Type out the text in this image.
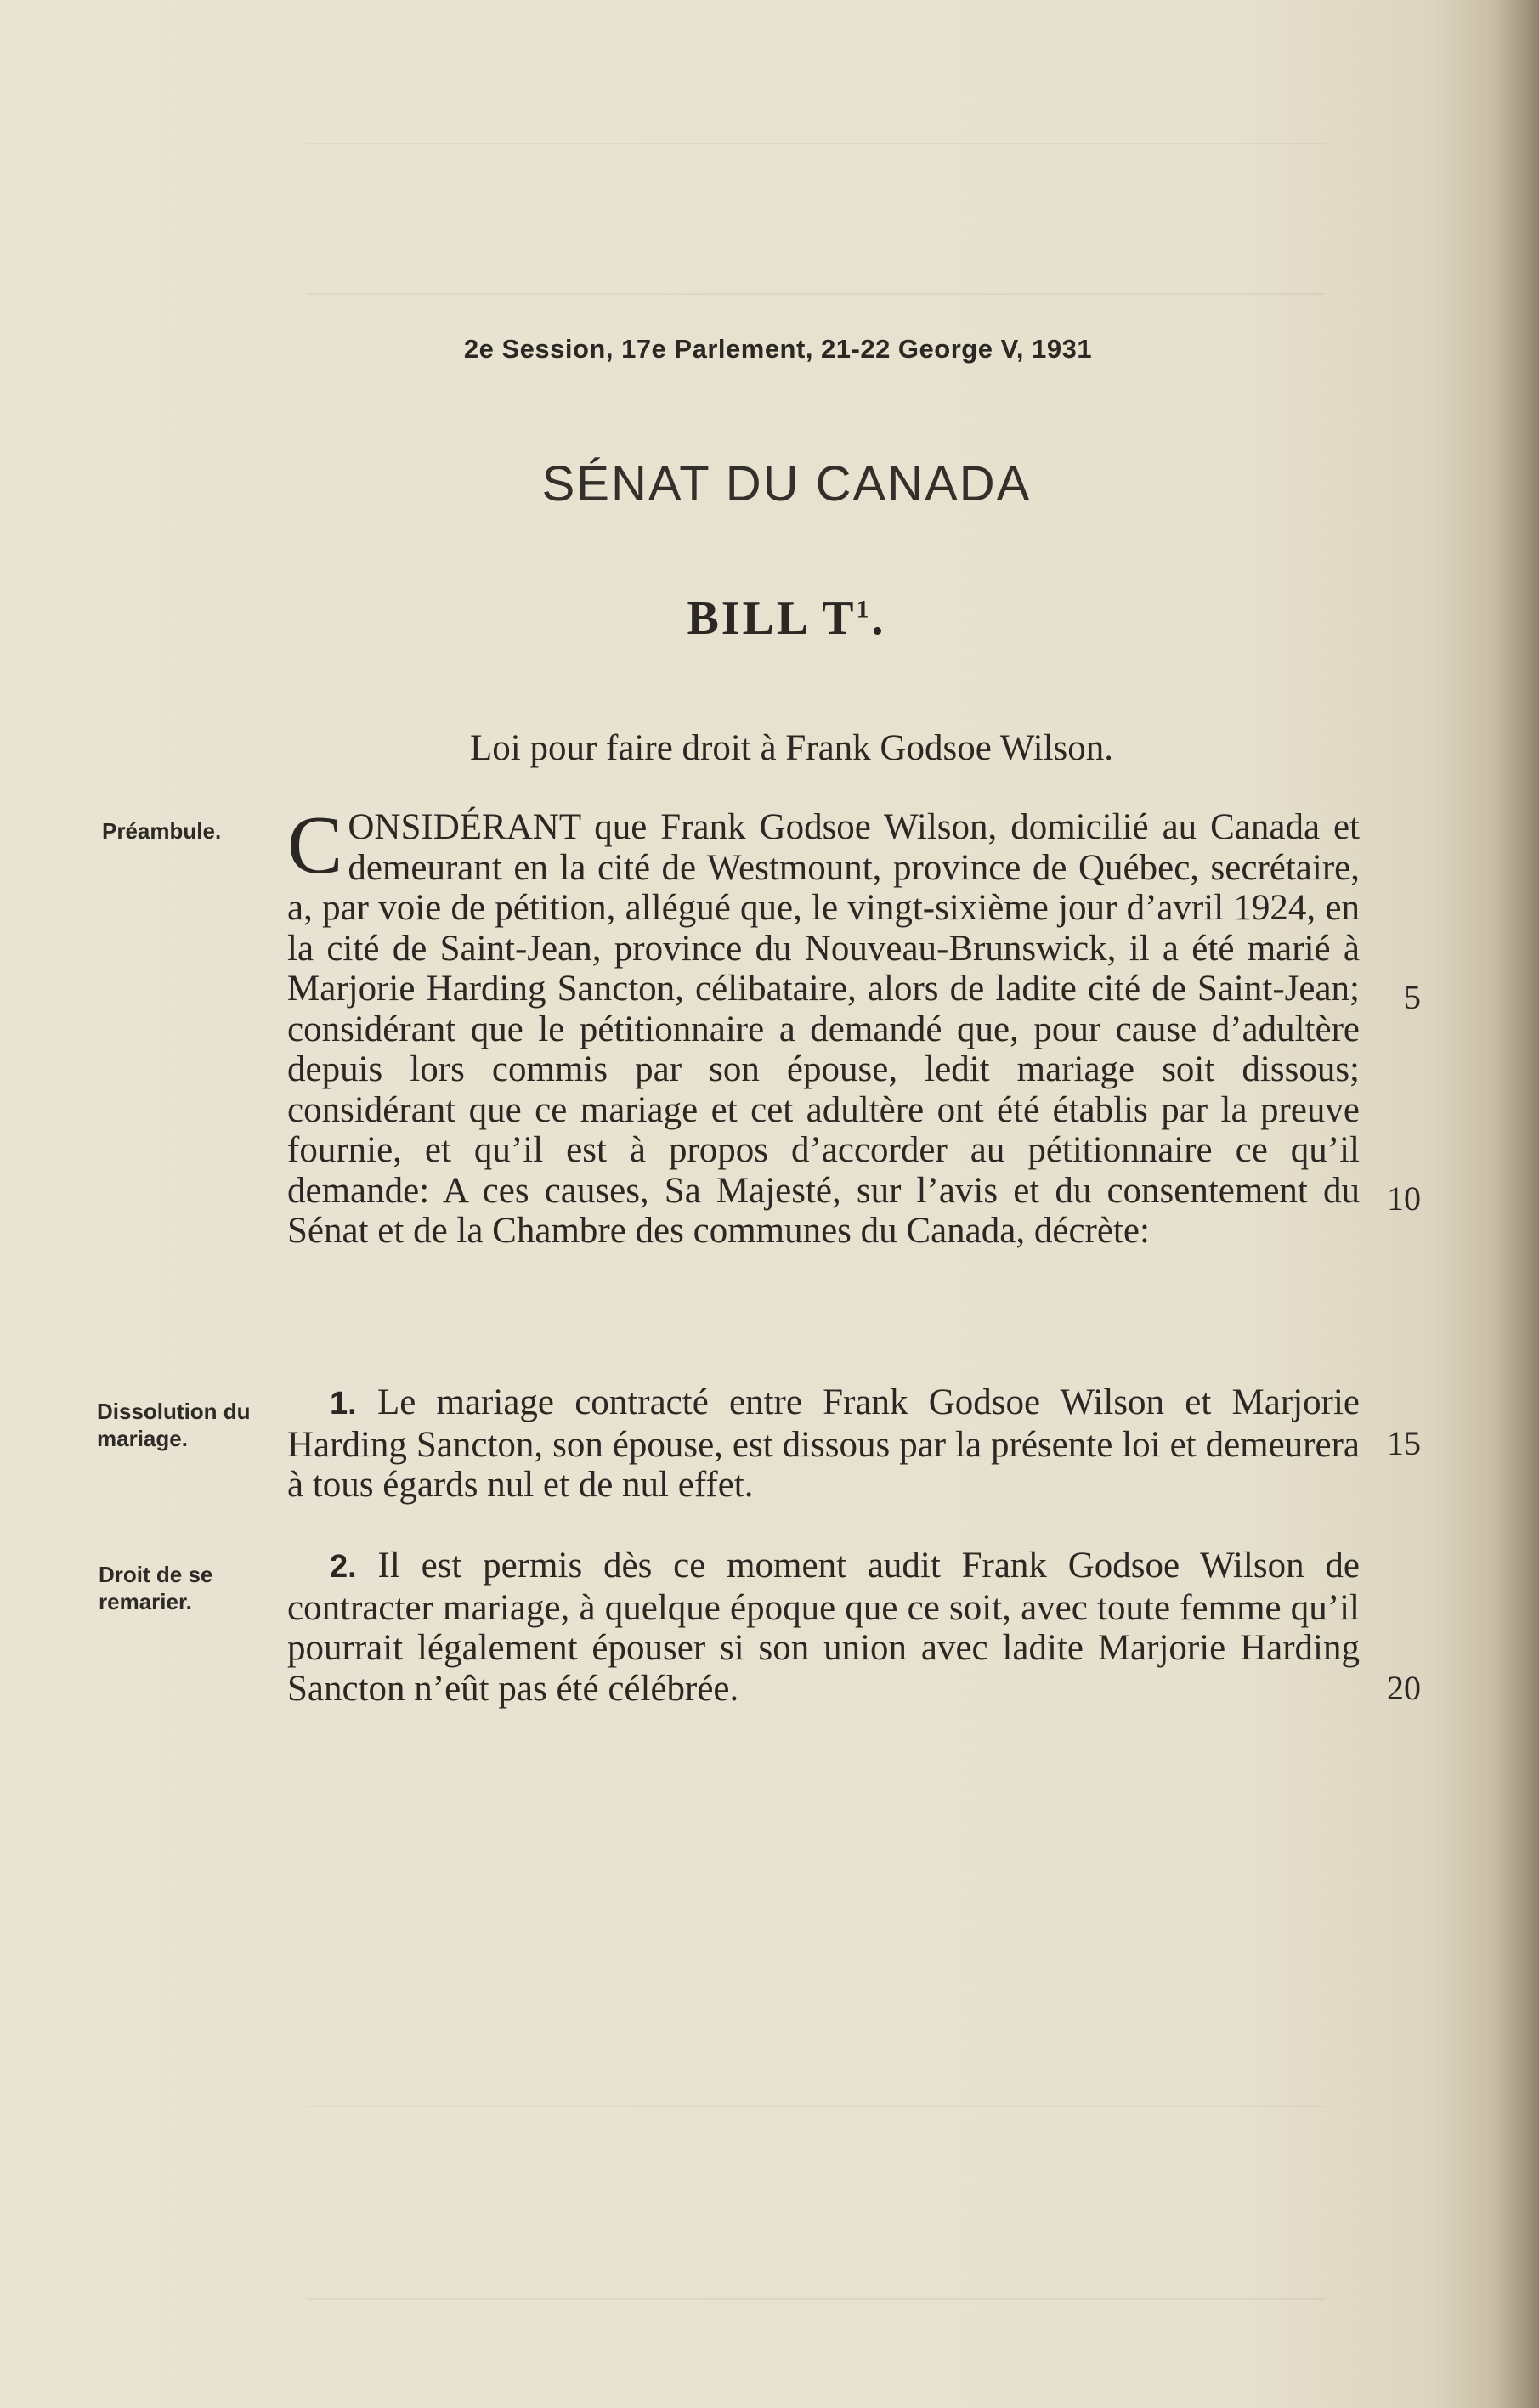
2e Session, 17e Parlement, 21-22 George V, 1931
SÉNAT DU CANADA
BILL $T^1$.
Loi pour faire droit à Frank Godsoe Wilson.
Préambule.
Dissolution du mariage.
Droit de se remarier.

CONSIDÉRANT que Frank Godsoe Wilson, domicilié au Canada et demeurant en la cité de Westmount, province de Québec, secrétaire, a, par voie de pétition, allégué que, le vingt-sixième jour d’avril 1924, en la cité de Saint-Jean, province du Nouveau-Brunswick, il a été marié à Marjorie Harding Sancton, célibataire, alors de ladite cité de Saint-Jean; considérant que le pétitionnaire a demandé que, pour cause d’adultère depuis lors commis par son épouse, ledit mariage soit dissous; considérant que ce mariage et cet adultère ont été établis par la preuve fournie, et qu’il est à propos d’accorder au pétitionnaire ce qu’il demande: A ces causes, Sa Majesté, sur l’avis et du consentement du Sénat et de la Chambre des communes du Canada, décrète:

1. Le mariage contracté entre Frank Godsoe Wilson et Marjorie Harding Sancton, son épouse, est dissous par la présente loi et demeurera à tous égards nul et de nul effet.

2. Il est permis dès ce moment audit Frank Godsoe Wilson de contracter mariage, à quelque époque que ce soit, avec toute femme qu’il pourrait légalement épouser si son union avec ladite Marjorie Harding Sancton n’eût pas été célébrée.

5
10
15
20
